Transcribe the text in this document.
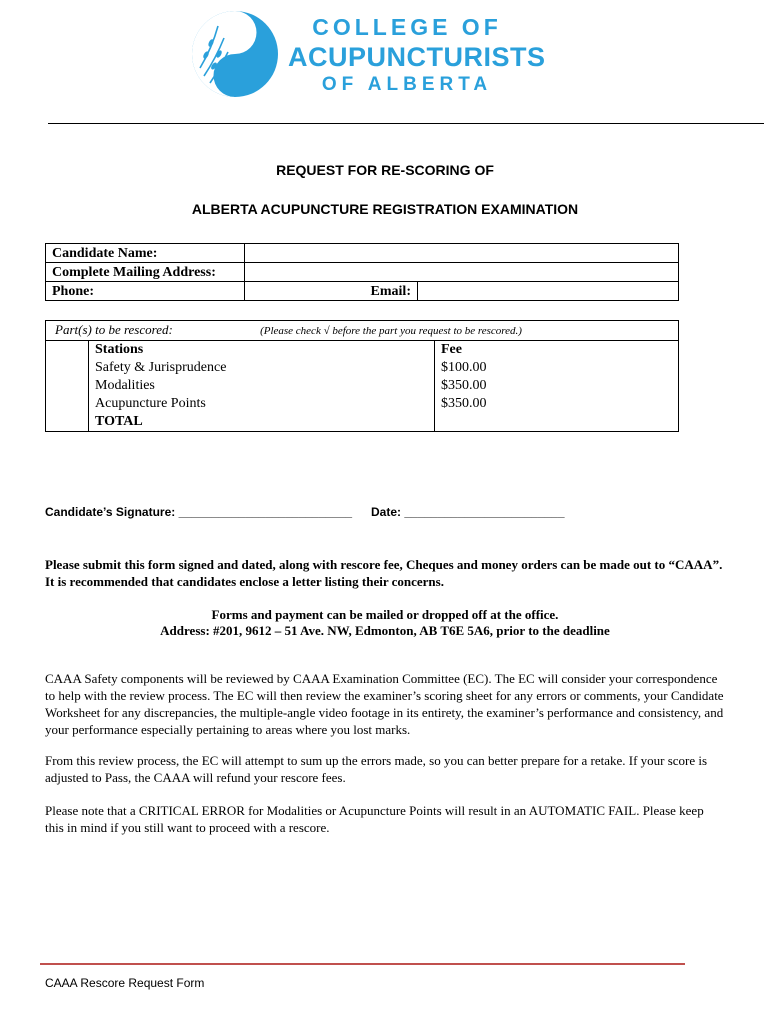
COLLEGE OF
ACUPUNCTURISTS
OF ALBERTA
REQUEST FOR RE-SCORING OF
ALBERTA ACUPUNCTURE REGISTRATION EXAMINATION
Candidate Name:		
Complete Mailing Address:		
Phone:	Email:	
Part(s) to be rescored: (Please check √ before the part you request to be rescored.)		
	Stations	Fee
	Safety & Jurisprudence	$100.00
	Modalities	$350.00
	Acupuncture Points	$350.00
	TOTAL	
Candidate’s Signature: __________________________ Date: ________________________
Please submit this form signed and dated, along with rescore fee, Cheques and money orders can be made out to “CAAA”. It is recommended that candidates enclose a letter listing their concerns.
Forms and payment can be mailed or dropped off at the office.
Address: #201, 9612 – 51 Ave. NW, Edmonton, AB T6E 5A6, prior to the deadline
CAAA Safety components will be reviewed by CAAA Examination Committee (EC). The EC will consider your correspondence to help with the review process. The EC will then review the examiner’s scoring sheet for any errors or comments, your Candidate Worksheet for any discrepancies, the multiple-angle video footage in its entirety, the examiner’s performance and consistency, and your performance especially pertaining to areas where you lost marks.
From this review process, the EC will attempt to sum up the errors made, so you can better prepare for a retake. If your score is adjusted to Pass, the CAAA will refund your rescore fees.
Please note that a CRITICAL ERROR for Modalities or Acupuncture Points will result in an AUTOMATIC FAIL. Please keep this in mind if you still want to proceed with a rescore.
CAAA Rescore Request Form
